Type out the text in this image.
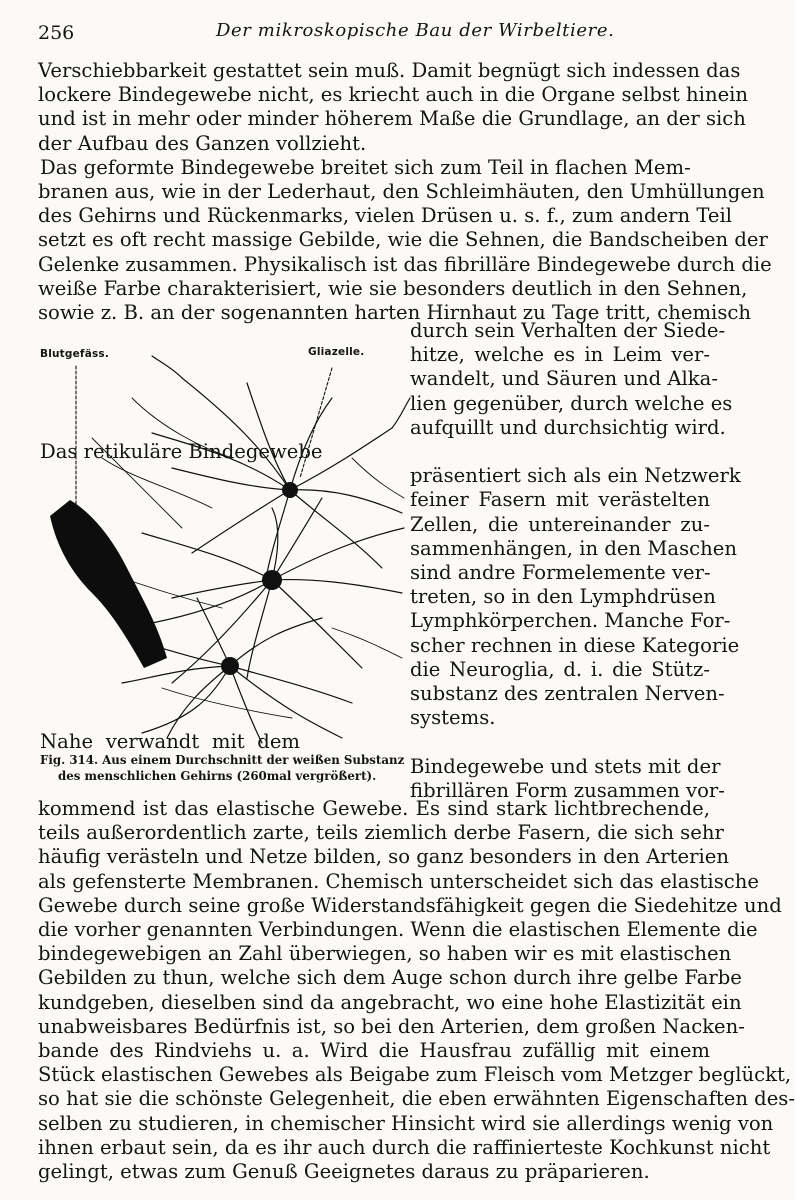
256	Der mikroskopische Bau der Wirbeltiere.
Verschiebbarkeit gestattet sein muß. Damit begnügt sich indessen das
lockere Bindegewebe nicht, es kriecht auch in die Organe selbst hinein
und ist in mehr oder minder höherem Maße die Grundlage, an der sich
der Aufbau des Ganzen vollzieht.
Das geformte Bindegewebe breitet sich zum Teil in flachen Mem-
branen aus, wie in der Lederhaut, den Schleimhäuten, den Umhüllungen
des Gehirns und Rückenmarks, vielen Drüsen u. s. f., zum andern Teil
setzt es oft recht massige Gebilde, wie die Sehnen, die Bandscheiben der
Gelenke zusammen. Physikalisch ist das fibrilläre Bindegewebe durch die
weiße Farbe charakterisiert, wie sie besonders deutlich in den Sehnen,
sowie z. B. an der sogenannten harten Hirnhaut zu Tage tritt, chemisch
durch sein Verhalten der Siede-
hitze, welche es in Leim ver-
wandelt, und Säuren und Alka-
lien gegenüber, durch welche es
aufquillt und durchsichtig wird.
Das retikuläre Bindegewebe
präsentiert sich als ein Netzwerk
feiner Fasern mit verästelten
Zellen, die untereinander zu-
sammenhängen, in den Maschen
sind andre Formelemente ver-
treten, so in den Lymphdrüsen
Lymphkörperchen. Manche For-
scher rechnen in diese Kategorie
die Neuroglia, d. i. die Stütz-
substanz des zentralen Nerven-
systems.
Nahe verwandt mit dem
Bindegewebe und stets mit der
fibrillären Form zusammen vor-
Blutgefäss.	Gliazelle.
Fig. 314. Aus einem Durchschnitt der weißen Substanz
des menschlichen Gehirns (260mal vergrößert).
kommend ist das elastische Gewebe. Es sind stark lichtbrechende,
teils außerordentlich zarte, teils ziemlich derbe Fasern, die sich sehr
häufig verästeln und Netze bilden, so ganz besonders in den Arterien
als gefensterte Membranen. Chemisch unterscheidet sich das elastische
Gewebe durch seine große Widerstandsfähigkeit gegen die Siedehitze und
die vorher genannten Verbindungen. Wenn die elastischen Elemente die
bindegewebigen an Zahl überwiegen, so haben wir es mit elastischen
Gebilden zu thun, welche sich dem Auge schon durch ihre gelbe Farbe
kundgeben, dieselben sind da angebracht, wo eine hohe Elastizität ein
unabweisbares Bedürfnis ist, so bei den Arterien, dem großen Nacken-
bande des Rindviehs u. a. Wird die Hausfrau zufällig mit einem
Stück elastischen Gewebes als Beigabe zum Fleisch vom Metzger beglückt,
so hat sie die schönste Gelegenheit, die eben erwähnten Eigenschaften des-
selben zu studieren, in chemischer Hinsicht wird sie allerdings wenig von
ihnen erbaut sein, da es ihr auch durch die raffinierteste Kochkunst nicht
gelingt, etwas zum Genuß Geeignetes daraus zu präparieren.
